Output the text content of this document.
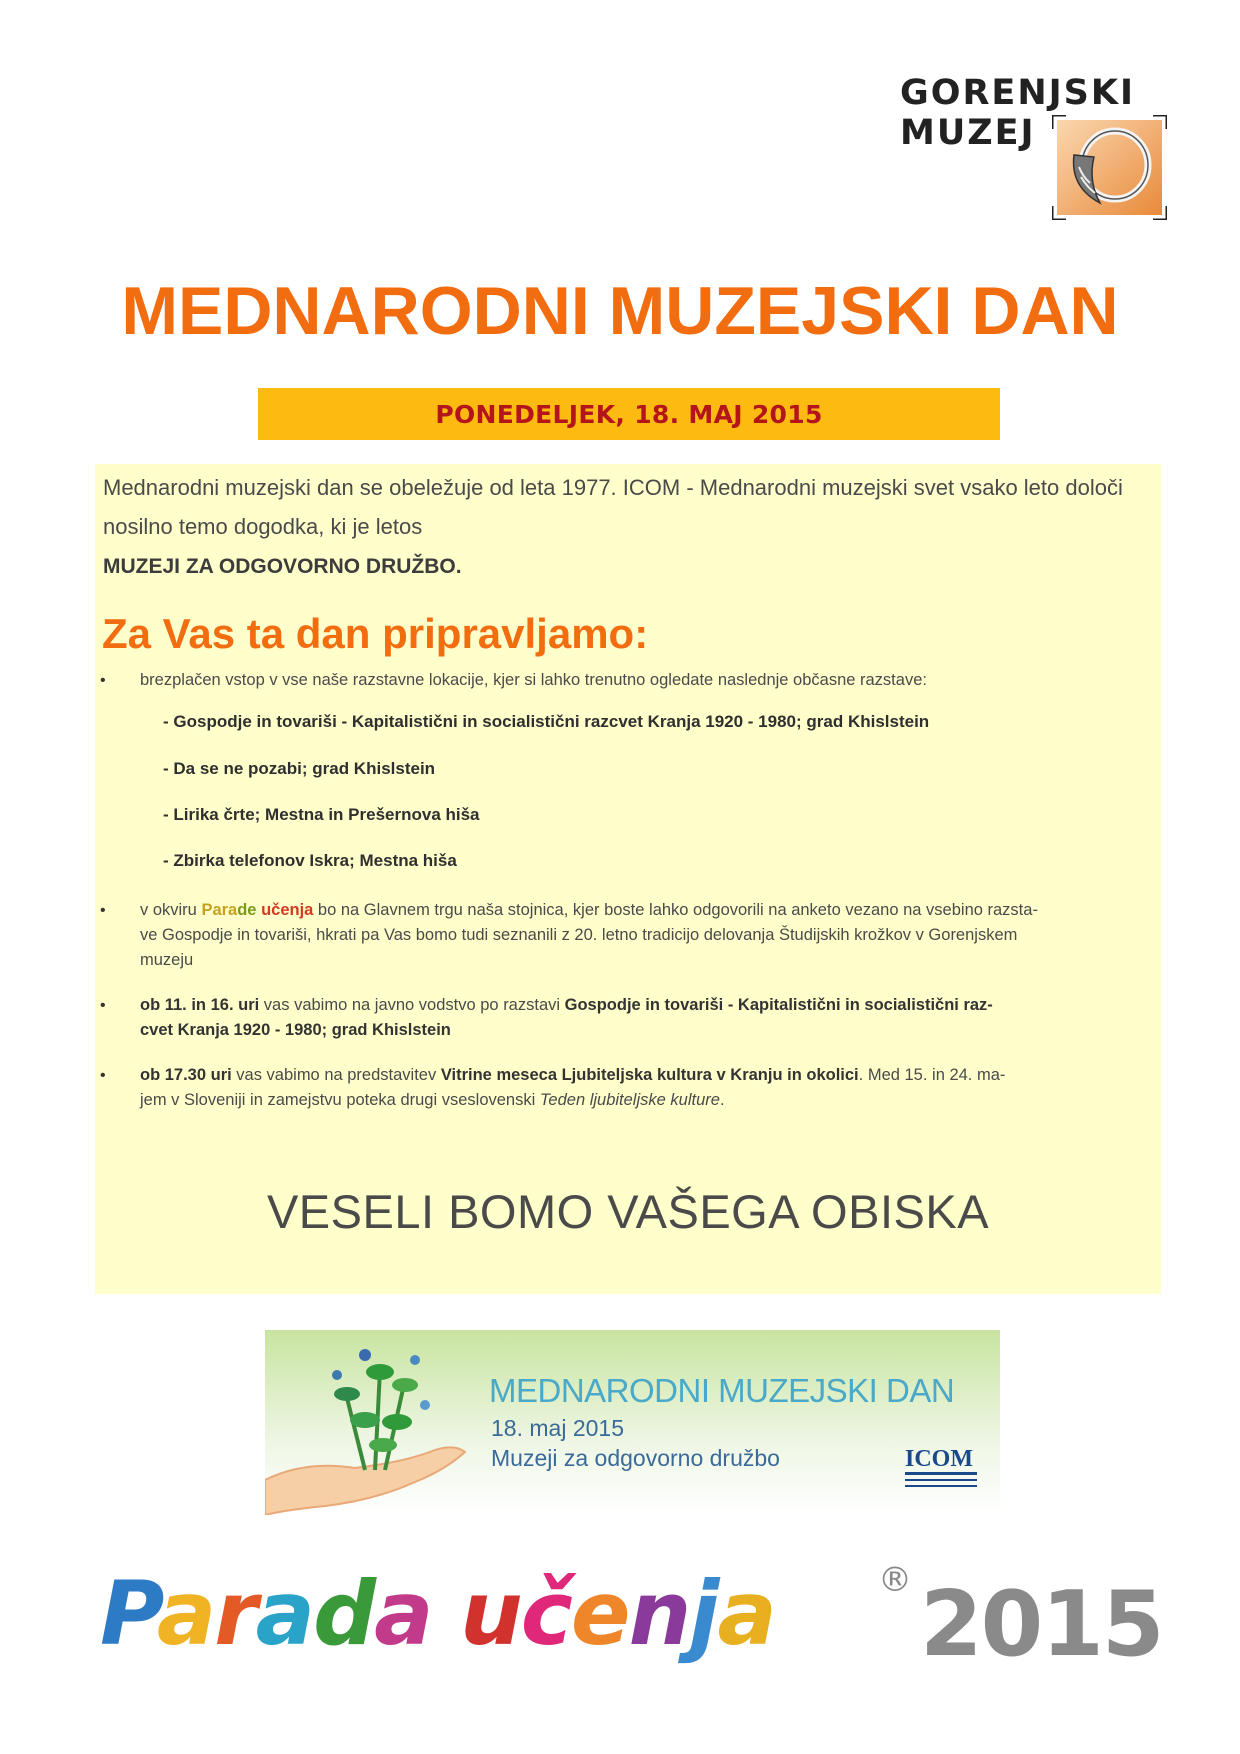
GORENJSKI
MUZEJ
MEDNARODNI MUZEJSKI DAN
PONEDELJEK, 18. MAJ 2015
Mednarodni muzejski dan se obeležuje od leta 1977. ICOM - Mednarodni muzejski svet vsako leto določi nosilno temo dogodka, ki je letos
MUZEJI ZA ODGOVORNO DRUŽBO.
Za Vas ta dan pripravljamo:
• brezplačen vstop v vse naše razstavne lokacije, kjer si lahko trenutno ogledate naslednje občasne razstave:
- Gospodje in tovariši - Kapitalistični in socialistični razcvet Kranja 1920 - 1980; grad Khislstein
- Da se ne pozabi; grad Khislstein
- Lirika črte; Mestna in Prešernova hiša
- Zbirka telefonov Iskra; Mestna hiša
• v okviru Parade učenja bo na Glavnem trgu naša stojnica, kjer boste lahko odgovorili na anketo vezano na vsebino razsta-
ve Gospodje in tovariši, hkrati pa Vas bomo tudi seznanili z 20. letno tradicijo delovanja Študijskih krožkov v Gorenjskem
muzeju
• ob 11. in 16. uri vas vabimo na javno vodstvo po razstavi Gospodje in tovariši - Kapitalistični in socialistični raz-
cvet Kranja 1920 - 1980; grad Khislstein
• ob 17.30 uri vas vabimo na predstavitev Vitrine meseca Ljubiteljska kultura v Kranju in okolici. Med 15. in 24. ma-
jem v Sloveniji in zamejstvu poteka drugi vseslovenski Teden ljubiteljske kulture.
VESELI BOMO VAŠEGA OBISKA
MEDNARODNI MUZEJSKI DAN
18. maj 2015
Muzeji za odgovorno družbo	ICOM
Parada učenja	® 2015
